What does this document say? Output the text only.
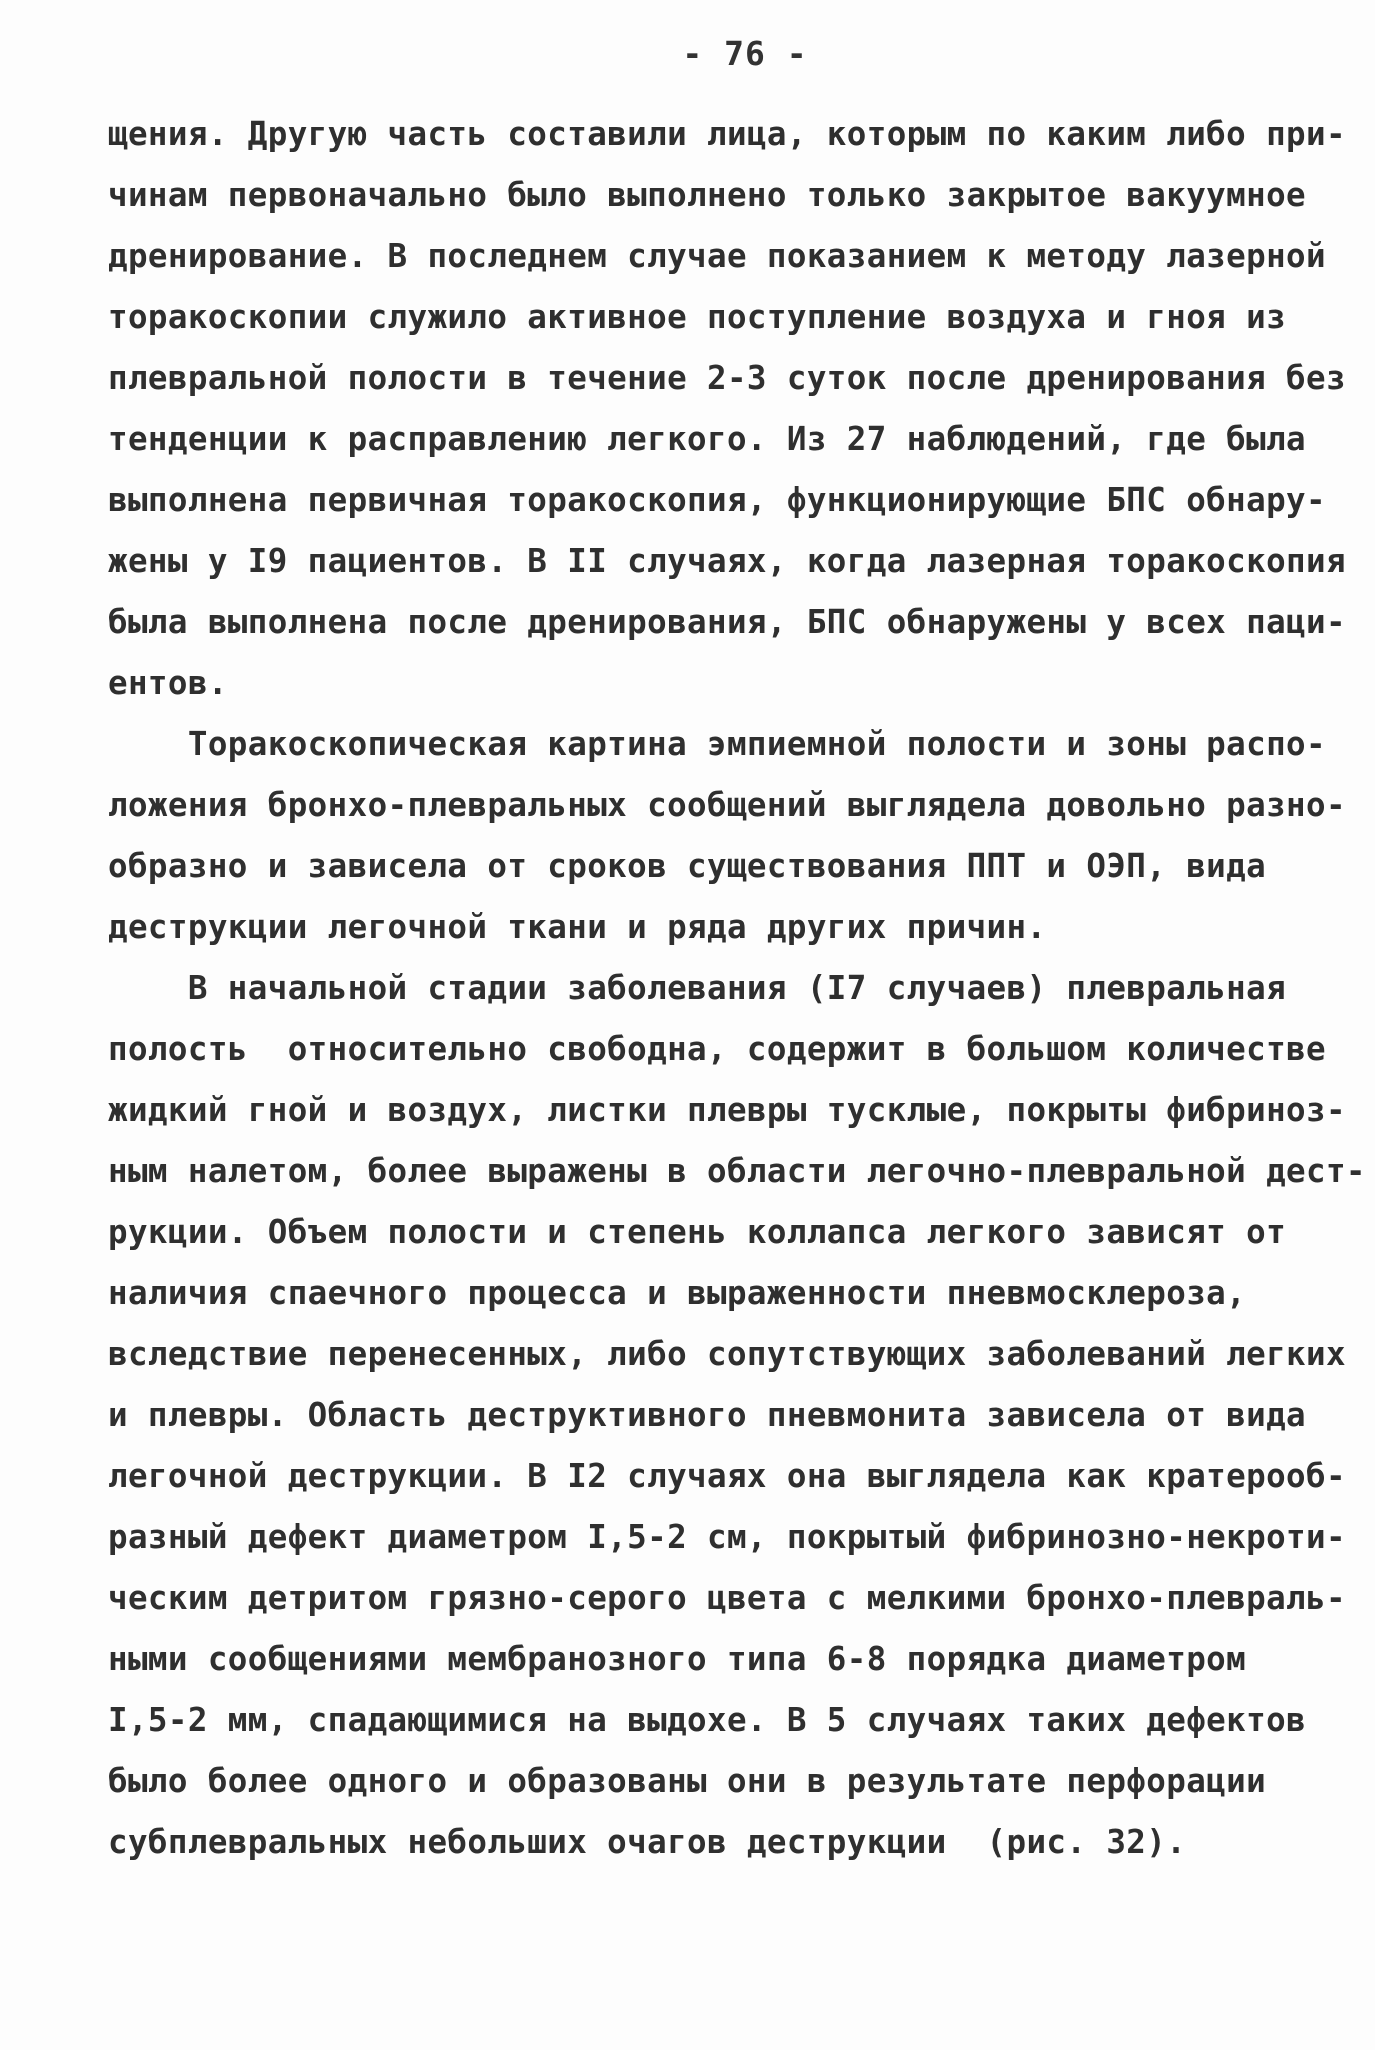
- 76 -
щения. Другую часть составили лица, которым по каким либо при-
чинам первоначально было выполнено только закрытое вакуумное
дренирование. В последнем случае показанием к методу лазерной
торакоскопии служило активное поступление воздуха и гноя из
плевральной полости в течение 2-3 суток после дренирования без
тенденции к расправлению легкого. Из 27 наблюдений, где была
выполнена первичная торакоскопия, функционирующие БПС обнару-
жены у I9 пациентов. В II случаях, когда лазерная торакоскопия
была выполнена после дренирования, БПС обнаружены у всех паци-
ентов.
Торакоскопическая картина эмпиемной полости и зоны распо-
ложения бронхо-плевральных сообщений выглядела довольно разно-
образно и зависела от сроков существования ППТ и ОЭП, вида
деструкции легочной ткани и ряда других причин.
В начальной стадии заболевания (I7 случаев) плевральная
полость  относительно свободна, содержит в большом количестве
жидкий гной и воздух, листки плевры тусклые, покрыты фибриноз-
ным налетом, более выражены в области легочно-плевральной дест-
рукции. Объем полости и степень коллапса легкого зависят от
наличия спаечного процесса и выраженности пневмосклероза,
вследствие перенесенных, либо сопутствующих заболеваний легких
и плевры. Область деструктивного пневмонита зависела от вида
легочной деструкции. В I2 случаях она выглядела как кратерооб-
разный дефект диаметром I,5-2 см, покрытый фибринозно-некроти-
ческим детритом грязно-серого цвета с мелкими бронхо-плевраль-
ными сообщениями мембранозного типа 6-8 порядка диаметром
I,5-2 мм, спадающимися на выдохе. В 5 случаях таких дефектов
было более одного и образованы они в результате перфорации
субплевральных небольших очагов деструкции  (рис. 32).
